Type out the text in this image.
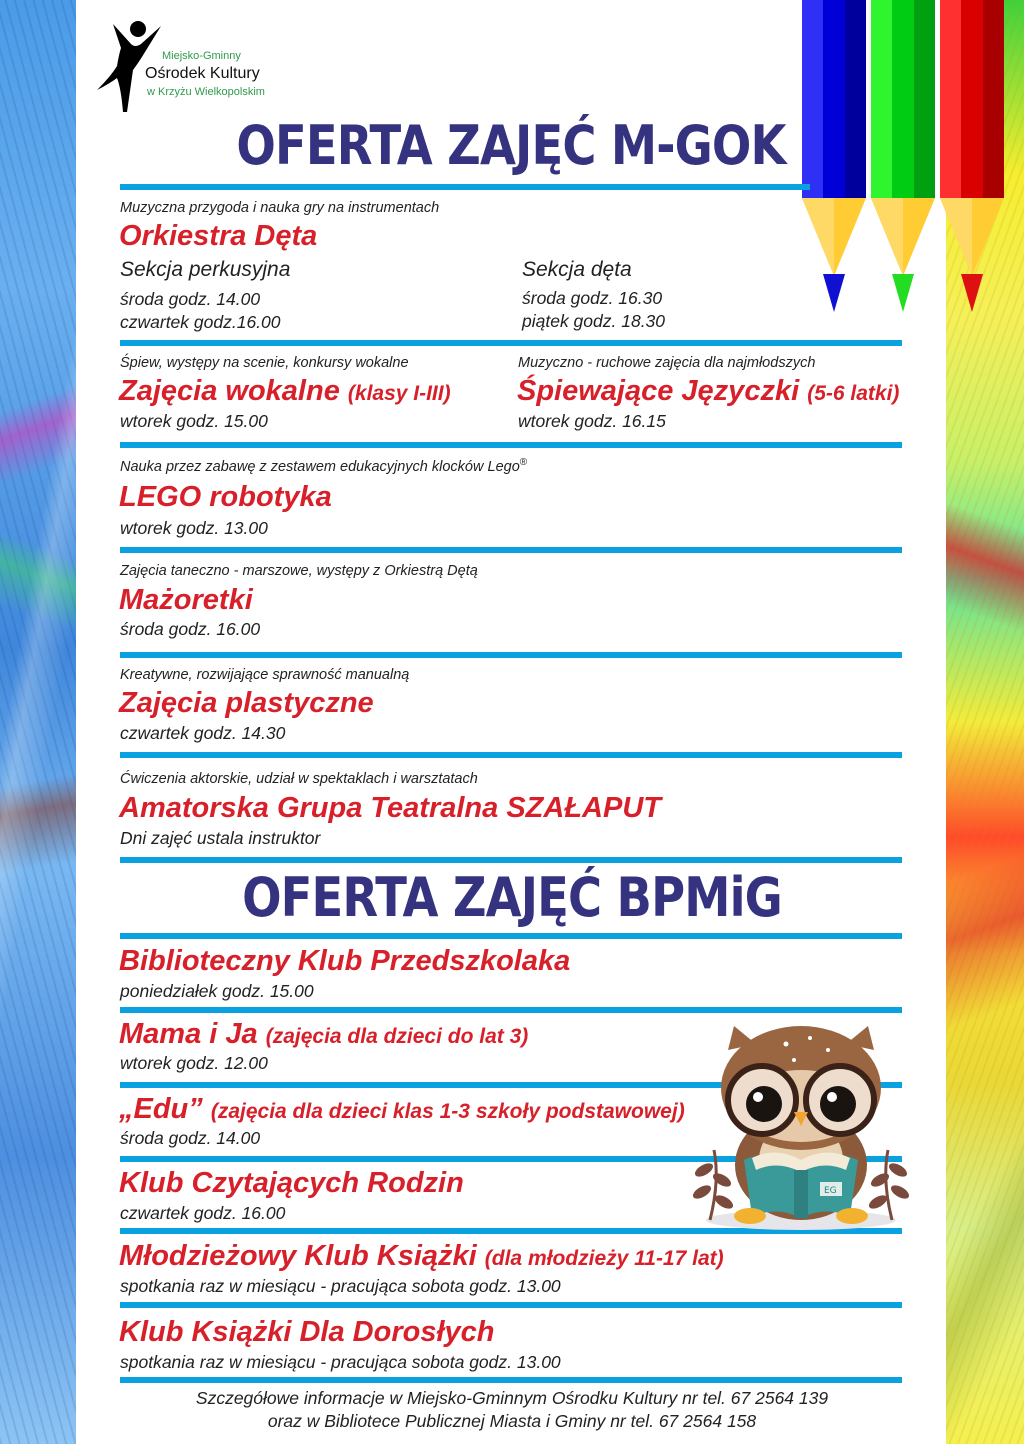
Miejsko-Gminny
Ośrodek Kultury
w Krzyżu Wielkopolskim
OFERTA ZAJĘĆ M-GOK
Muzyczna przygoda i nauka gry na instrumentach
Orkiestra Dęta
Sekcja perkusyjna
środa godz. 14.00
czwartek godz.16.00
Sekcja dęta
środa godz. 16.30
piątek godz. 18.30
Śpiew, występy na scenie, konkursy wokalne
Zajęcia wokalne (klasy I-III)
wtorek godz. 15.00
Muzyczno - ruchowe zajęcia dla najmłodszych
Śpiewające Języczki (5-6 latki)
wtorek godz. 16.15
Nauka przez zabawę z zestawem edukacyjnych klocków Lego®
LEGO robotyka
wtorek godz. 13.00
Zajęcia taneczno - marszowe, występy z Orkiestrą Dętą
Mażoretki
środa godz. 16.00
Kreatywne, rozwijające sprawność manualną
Zajęcia plastyczne
czwartek godz. 14.30
Ćwiczenia aktorskie, udział w spektaklach i warsztatach
Amatorska Grupa Teatralna SZAŁAPUT
Dni zajęć ustala instruktor
OFERTA ZAJĘĆ BPMiG
Biblioteczny Klub Przedszkolaka
poniedziałek godz. 15.00
Mama i Ja (zajęcia dla dzieci do lat 3)
wtorek godz. 12.00
„Edu” (zajęcia dla dzieci klas 1-3 szkoły podstawowej)
środa godz. 14.00
Klub Czytających Rodzin
czwartek godz. 16.00
Młodzieżowy Klub Książki (dla młodzieży 11-17 lat)
spotkania raz w miesiącu - pracująca sobota godz. 13.00
Klub Książki Dla Dorosłych
spotkania raz w miesiącu - pracująca sobota godz. 13.00
EG
Szczegółowe informacje w Miejsko-Gminnym Ośrodku Kultury nr tel. 67 2564 139
oraz w Bibliotece Publicznej Miasta i Gminy nr tel. 67 2564 158
